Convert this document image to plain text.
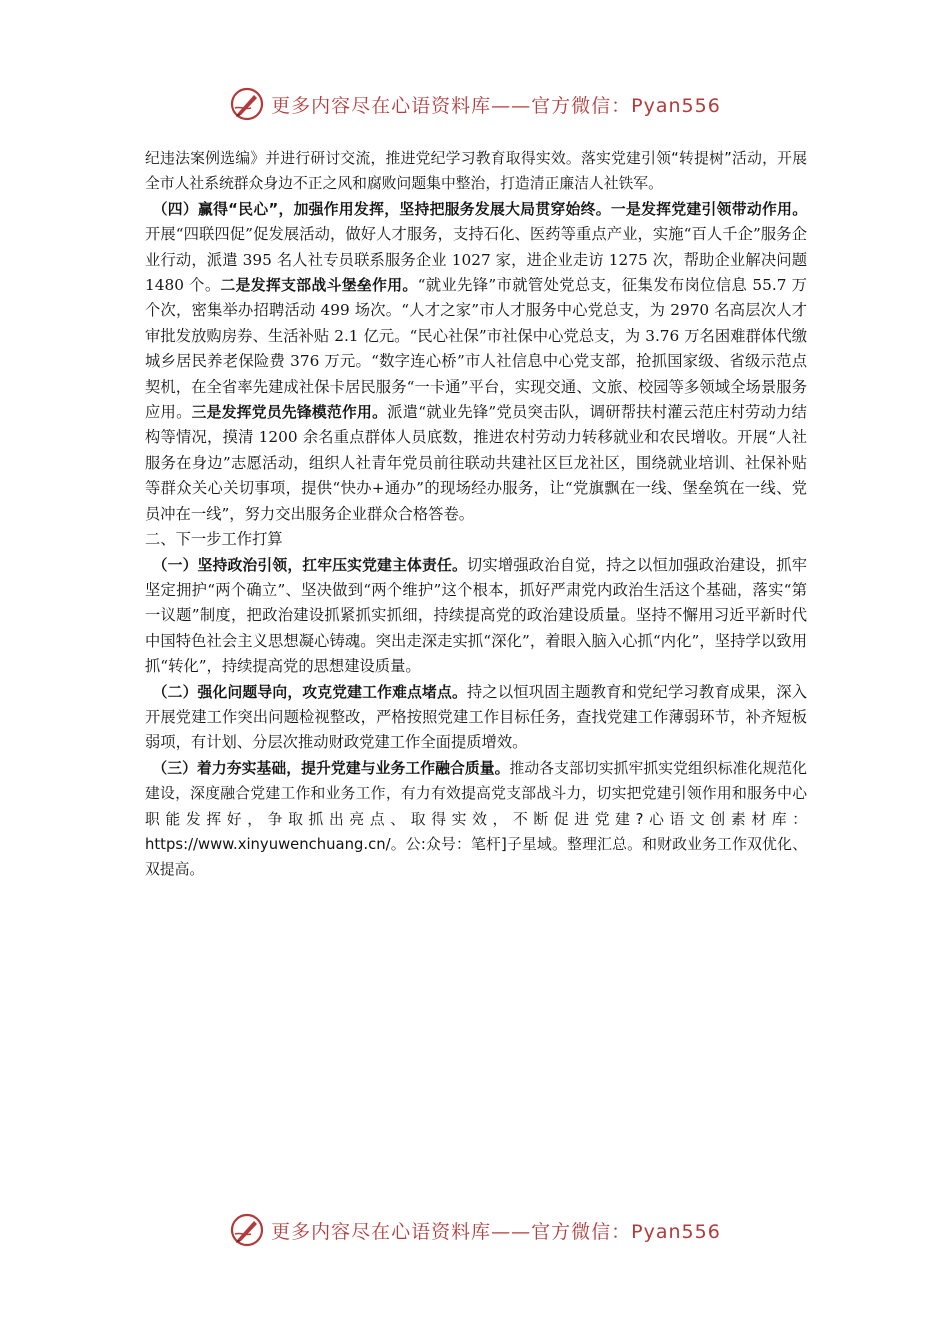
更多内容尽在心语资料库——官方微信：Pyan556

纪违法案例选编》并进行研讨交流，推进党纪学习教育取得实效。落实党建引领“转提树”活动，开展全市人社系统群众身边不正之风和腐败问题集中整治，打造清正廉洁人社铁军。

（四）赢得“民心”，加强作用发挥，坚持把服务发展大局贯穿始终。一是发挥党建引领带动作用。开展“四联四促”促发展活动，做好人才服务，支持石化、医药等重点产业，实施“百人千企”服务企业行动，派遣 395 名人社专员联系服务企业 1027 家，进企业走访 1275 次，帮助企业解决问题 1480 个。二是发挥支部战斗堡垒作用。“就业先锋”市就管处党总支，征集发布岗位信息 55.7 万个次，密集举办招聘活动 499 场次。“人才之家”市人才服务中心党总支，为 2970 名高层次人才审批发放购房券、生活补贴 2.1 亿元。“民心社保”市社保中心党总支，为 3.76 万名困难群体代缴城乡居民养老保险费 376 万元。“数字连心桥”市人社信息中心党支部，抢抓国家级、省级示范点契机，在全省率先建成社保卡居民服务“一卡通”平台，实现交通、文旅、校园等多领域全场景服务应用。三是发挥党员先锋模范作用。派遣“就业先锋”党员突击队，调研帮扶村灌云范庄村劳动力结构等情况，摸清 1200 余名重点群体人员底数，推进农村劳动力转移就业和农民增收。开展“人社服务在身边”志愿活动，组织人社青年党员前往联动共建社区巨龙社区，围绕就业培训、社保补贴等群众关心关切事项，提供“快办+通办”的现场经办服务，让“党旗飘在一线、堡垒筑在一线、党员冲在一线”，努力交出服务企业群众合格答卷。

二、下一步工作打算

（一）坚持政治引领，扛牢压实党建主体责任。切实增强政治自觉，持之以恒加强政治建设，抓牢坚定拥护“两个确立”、坚决做到“两个维护”这个根本，抓好严肃党内政治生活这个基础，落实“第一议题”制度，把政治建设抓紧抓实抓细，持续提高党的政治建设质量。坚持不懈用习近平新时代中国特色社会主义思想凝心铸魂。突出走深走实抓“深化”，着眼入脑入心抓“内化”，坚持学以致用抓“转化”，持续提高党的思想建设质量。

（二）强化问题导向，攻克党建工作难点堵点。持之以恒巩固主题教育和党纪学习教育成果，深入开展党建工作突出问题检视整改，严格按照党建工作目标任务，查找党建工作薄弱环节，补齐短板弱项，有计划、分层次推动财政党建工作全面提质增效。

（三）着力夯实基础，提升党建与业务工作融合质量。推动各支部切实抓牢抓实党组织标准化规范化建设，深度融合党建工作和业务工作，有力有效提高党支部战斗力，切实把党建引领作用和服务中心职能发挥好，争取抓出亮点、取得实效，不断促进党建?心语文创素材库：https://www.xinyuwenchuang.cn/。公:众号：笔杆]子星域。整理汇总。和财政业务工作双优化、双提高。

更多内容尽在心语资料库——官方微信：Pyan556
